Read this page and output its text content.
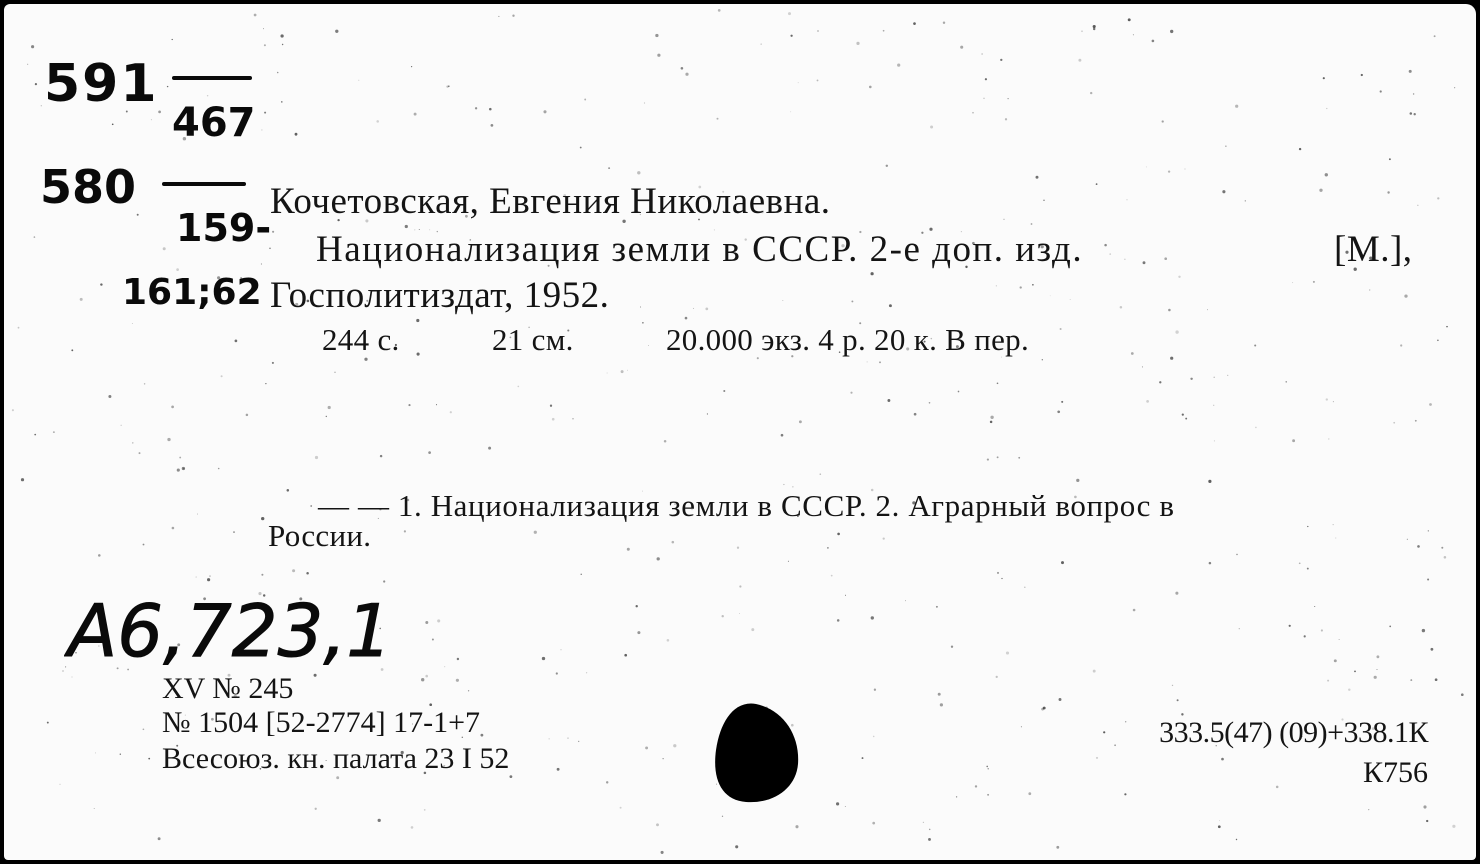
591
467
580
159-
161;62
Кочетовская, Евгения Николаевна.
Национализация земли в СССР. 2-е доп. изд.	[М.],
Госполитиздат, 1952.
244 с.	21 см.	20.000 экз. 4 р. 20 к. В пер.
— — 1. Национализация земли в СССР. 2. Аграрный вопрос в
России.
А6,723,1
XV № 245
№ 1504 [52-2774] 17-1+7
Всесоюз. кн. палата 23 I 52
333.5(47) (09)+338.1К
К756
